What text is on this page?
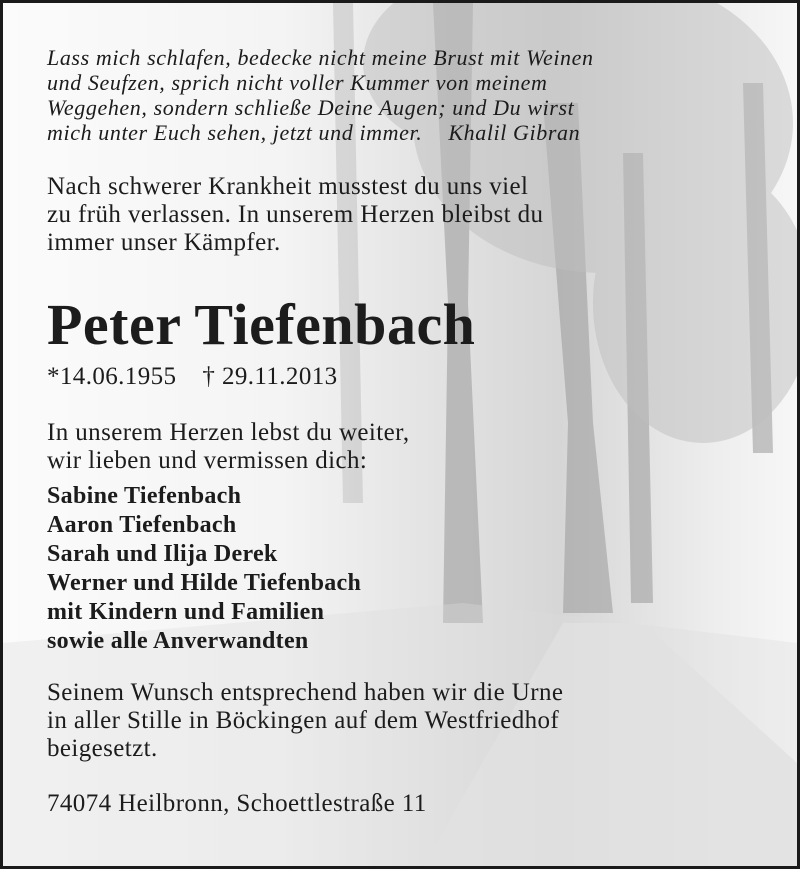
Lass mich schlafen, bedecke nicht meine Brust mit Weinen
und Seufzen, sprich nicht voller Kummer von meinem
Weggehen, sondern schließe Deine Augen; und Du wirst
mich unter Euch sehen, jetzt und immer. Khalil Gibran
Nach schwerer Krankheit musstest du uns viel
zu früh verlassen. In unserem Herzen bleibst du
immer unser Kämpfer.
Peter Tiefenbach
*14.06.1955 † 29.11.2013
In unserem Herzen lebst du weiter,
wir lieben und vermissen dich:
Sabine Tiefenbach
Aaron Tiefenbach
Sarah und Ilija Derek
Werner und Hilde Tiefenbach
mit Kindern und Familien
sowie alle Anverwandten
Seinem Wunsch entsprechend haben wir die Urne
in aller Stille in Böckingen auf dem Westfriedhof
beigesetzt.
74074 Heilbronn, Schoettlestraße 11
